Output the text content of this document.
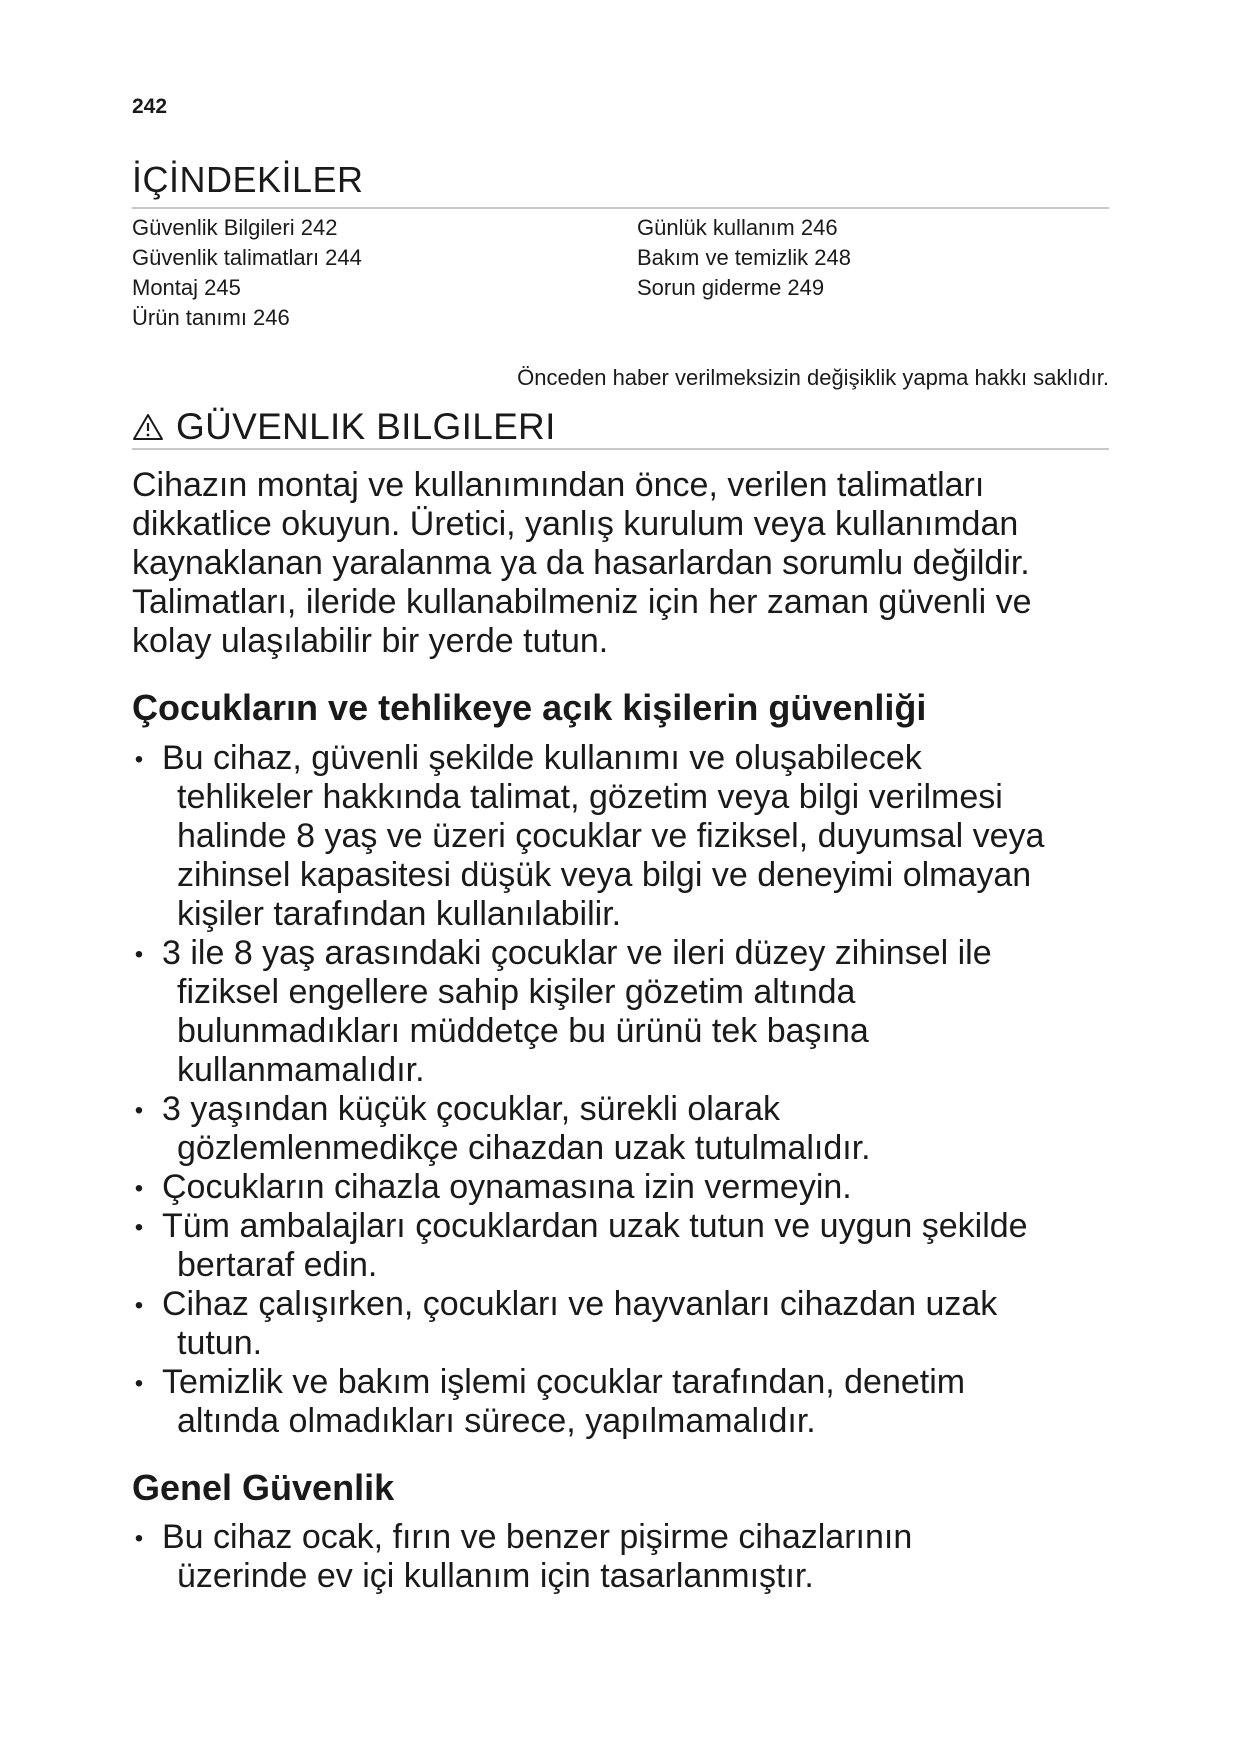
242
İÇİNDEKİLER
Güvenlik Bilgileri 242
Güvenlik talimatları 244
Montaj 245
Ürün tanımı 246
Günlük kullanım 246
Bakım ve temizlik 248
Sorun giderme 249
Önceden haber verilmeksizin değişiklik yapma hakkı saklıdır.
GÜVENLIK BILGILERI
Cihazın montaj ve kullanımından önce, verilen talimatları
dikkatlice okuyun. Üretici, yanlış kurulum veya kullanımdan
kaynaklanan yaralanma ya da hasarlardan sorumlu değildir.
Talimatları, ileride kullanabilmeniz için her zaman güvenli ve
kolay ulaşılabilir bir yerde tutun.
Çocukların ve tehlikeye açık kişilerin güvenliği
• Bu cihaz, güvenli şekilde kullanımı ve oluşabilecek
tehlikeler hakkında talimat, gözetim veya bilgi verilmesi
halinde 8 yaş ve üzeri çocuklar ve fiziksel, duyumsal veya
zihinsel kapasitesi düşük veya bilgi ve deneyimi olmayan
kişiler tarafından kullanılabilir.
• 3 ile 8 yaş arasındaki çocuklar ve ileri düzey zihinsel ile
fiziksel engellere sahip kişiler gözetim altında
bulunmadıkları müddetçe bu ürünü tek başına
kullanmamalıdır.
• 3 yaşından küçük çocuklar, sürekli olarak
gözlemlenmedikçe cihazdan uzak tutulmalıdır.
• Çocukların cihazla oynamasına izin vermeyin.
• Tüm ambalajları çocuklardan uzak tutun ve uygun şekilde
bertaraf edin.
• Cihaz çalışırken, çocukları ve hayvanları cihazdan uzak
tutun.
• Temizlik ve bakım işlemi çocuklar tarafından, denetim
altında olmadıkları sürece, yapılmamalıdır.
Genel Güvenlik
• Bu cihaz ocak, fırın ve benzer pişirme cihazlarının
üzerinde ev içi kullanım için tasarlanmıştır.
